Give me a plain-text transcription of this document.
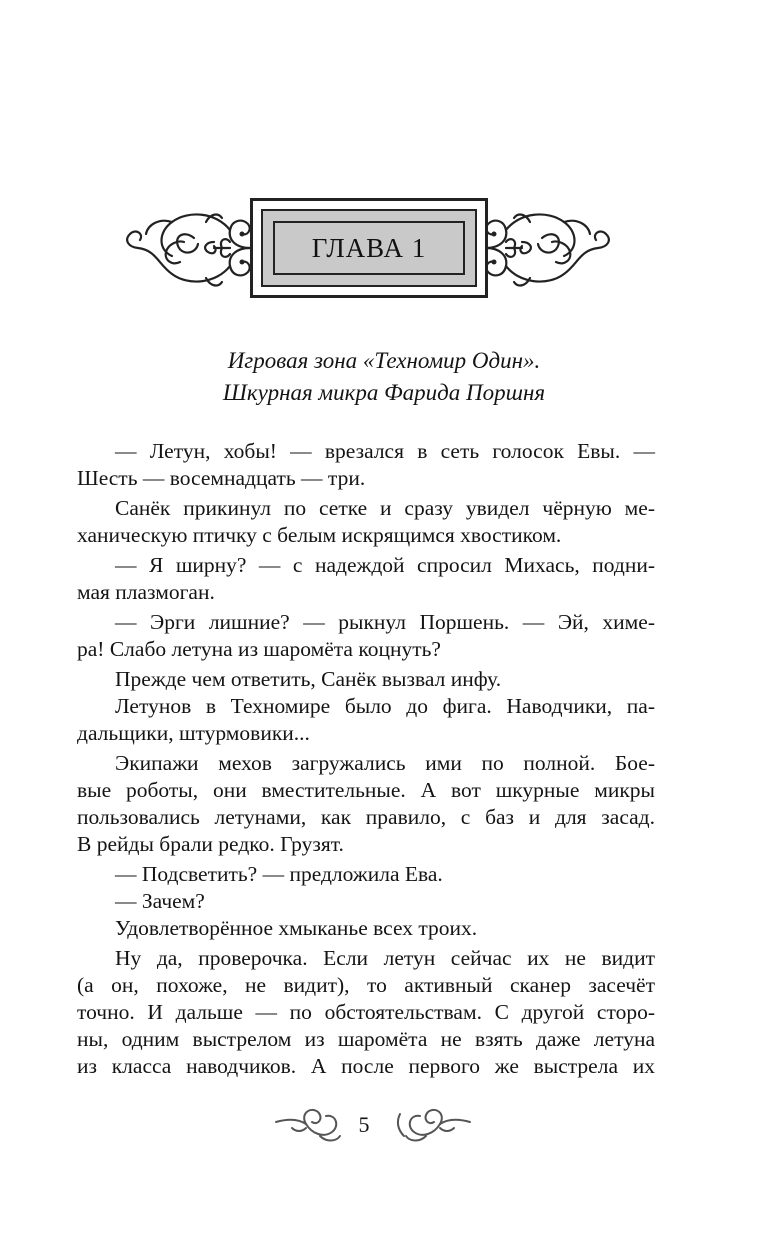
ГЛАВА 1
Игровая зона «Техномир Один».
Шкурная микра Фарида Поршня
— Летун, хобы! — врезался в сеть голосок Евы. —
Шесть — восемнадцать — три.
Санёк прикинул по сетке и сразу увидел чёрную ме-
ханическую птичку с белым искрящимся хвостиком.
— Я ширну? — с надеждой спросил Михась, подни-
мая плазмоган.
— Эрги лишние? — рыкнул Поршень. — Эй, химе-
ра! Слабо летуна из шаромёта коцнуть?
Прежде чем ответить, Санёк вызвал инфу.
Летунов в Техномире было до фига. Наводчики, па-
дальщики, штурмовики...
Экипажи мехов загружались ими по полной. Бое-
вые роботы, они вместительные. А вот шкурные микры
пользовались летунами, как правило, с баз и для засад.
В рейды брали редко. Грузят.
— Подсветить? — предложила Ева.
— Зачем?
Удовлетворённое хмыканье всех троих.
Ну да, проверочка. Если летун сейчас их не видит
(а он, похоже, не видит), то активный сканер засечёт
точно. И дальше — по обстоятельствам. С другой сторо-
ны, одним выстрелом из шаромёта не взять даже летуна
из класса наводчиков. А после первого же выстрела их
5
